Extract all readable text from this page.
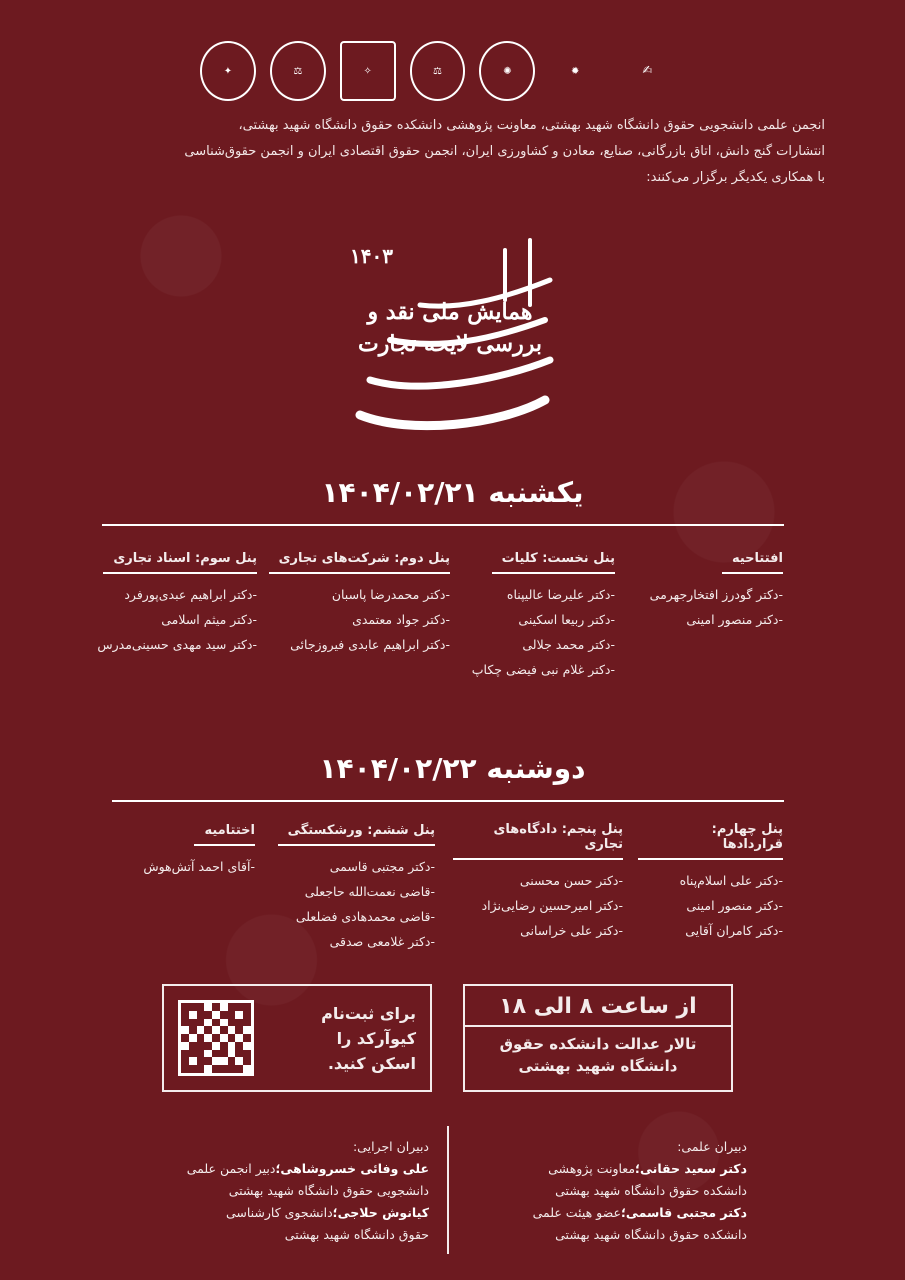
✦	⚖	✧	⚖	✺	✹	✍

انجمن علمی دانشجویی حقوق دانشگاه شهید بهشتی، معاونت پژوهشی دانشکده حقوق دانشگاه شهید بهشتی،

انتشارات گنج دانش، اتاق بازرگانی، صنایع، معادن و کشاورزی ایران، انجمن حقوق اقتصادی ایران و انجمن حقوق‌شناسی

با همکاری یکدیگر برگزار می‌کنند:

۱۴۰۳
همایش ملی نقد و بررسی لایحه تجارت
یکشنبه ۱۴۰۴/۰۲/۲۱
افتتاحیه
-دکتر گودرز افتخارجهرمی
-دکتر منصور امینی
پنل نخست: کلیات
-دکتر علیرضا عالیپناه
-دکتر ربیعا اسکینی
-دکتر محمد جلالی
-دکتر غلام نبی فیضی چکاپ
پنل دوم: شرکت‌های تجاری
-دکتر محمدرضا پاسبان
-دکتر جواد معتمدی
-دکتر ابراهیم عابدی فیروزجائی
پنل سوم: اسناد تجاری
-دکتر ابراهیم عبدی‌پورفرد
-دکتر میثم اسلامی
-دکتر سید مهدی حسینی‌مدرس
دوشنبه ۱۴۰۴/۰۲/۲۲
پنل چهارم: قراردادها
-دکتر علی اسلام‌پناه
-دکتر منصور امینی
-دکتر کامران آقایی
پنل پنجم: دادگاه‌های تجاری
-دکتر حسن محسنی
-دکتر امیرحسین رضایی‌نژاد
-دکتر علی خراسانی
پنل ششم: ورشکستگی
-دکتر مجتبی قاسمی
-قاضی نعمت‌الله حاجعلی
-قاضی محمدهادی فضلعلی
-دکتر غلامعی صدقی
اختتامیه
-آقای احمد آتش‌هوش
از ساعت ۸ الی ۱۸
تالار عدالت دانشکده حقوق
دانشگاه شهید بهشتی
برای ثبت‌نام
کیوآرکد را
اسکن کنید.
دبیران علمی:
دکتر سعید حقانی؛معاونت پژوهشی
دانشکده حقوق دانشگاه شهید بهشتی
دکتر مجتبی قاسمی؛عضو هیئت علمی
دانشکده حقوق دانشگاه شهید بهشتی
دبیران اجرایی:
علی وفائی خسروشاهی؛دبیر انجمن علمی
دانشجویی حقوق دانشگاه شهید بهشتی
کیانوش حلاجی؛دانشجوی کارشناسی
حقوق دانشگاه شهید بهشتی
